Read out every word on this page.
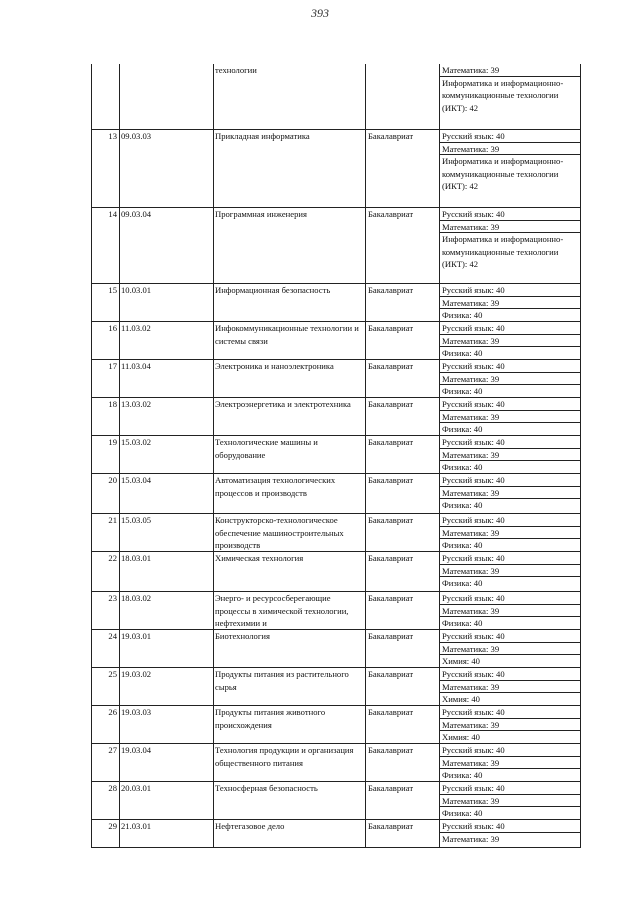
393
технологии	Математика: 39
Информатика и информационно-коммуникационные технологии (ИКТ): 42
13 09.03.03	Прикладная информатика	Бакалавриат	Русский язык: 40
Математика: 39
Информатика и информационно-коммуникационные технологии (ИКТ): 42
14 09.03.04	Программная инженерия	Бакалавриат	Русский язык: 40
Математика: 39
Информатика и информационно-коммуникационные технологии (ИКТ): 42
15 10.03.01	Информационная безопасность	Бакалавриат	Русский язык: 40
Математика: 39
Физика: 40
16 11.03.02	Инфокоммуникационные технологии и системы связи
Бакалавриат	Русский язык: 40
Математика: 39
Физика: 40
17 11.03.04	Электроника и наноэлектроника	Бакалавриат	Русский язык: 40
Математика: 39
Физика: 40
18 13.03.02	Электроэнергетика и электротехника	Бакалавриат	Русский язык: 40
Математика: 39
Физика: 40
19 15.03.02	Технологические машины и оборудование
Бакалавриат	Русский язык: 40
Математика: 39
Физика: 40
20 15.03.04	Автоматизация технологических процессов и производств
Бакалавриат	Русский язык: 40
Математика: 39
Физика: 40
21 15.03.05	Конструкторско-технологическое обеспечение машиностроительных производств
Бакалавриат	Русский язык: 40
Математика: 39
Физика: 40
22 18.03.01	Химическая технология	Бакалавриат	Русский язык: 40
Математика: 39
Физика: 40
23 18.03.02	Энерго- и ресурсосберегающие процессы в химической технологии, нефтехимии и
Бакалавриат	Русский язык: 40
Математика: 39
Физика: 40
24 19.03.01	Биотехнология	Бакалавриат	Русский язык: 40
Математика: 39
Химия: 40
25 19.03.02	Продукты питания из растительного сырья
Бакалавриат	Русский язык: 40
Математика: 39
Химия: 40
26 19.03.03	Продукты питания животного происхождения
Бакалавриат	Русский язык: 40
Математика: 39
Химия: 40
27 19.03.04	Технология продукции и организация общественного питания
Бакалавриат	Русский язык: 40
Математика: 39
Физика: 40
28 20.03.01	Техносферная безопасность	Бакалавриат	Русский язык: 40
Математика: 39
Физика: 40
29 21.03.01	Нефтегазовое дело	Бакалавриат	Русский язык: 40
Математика: 39
